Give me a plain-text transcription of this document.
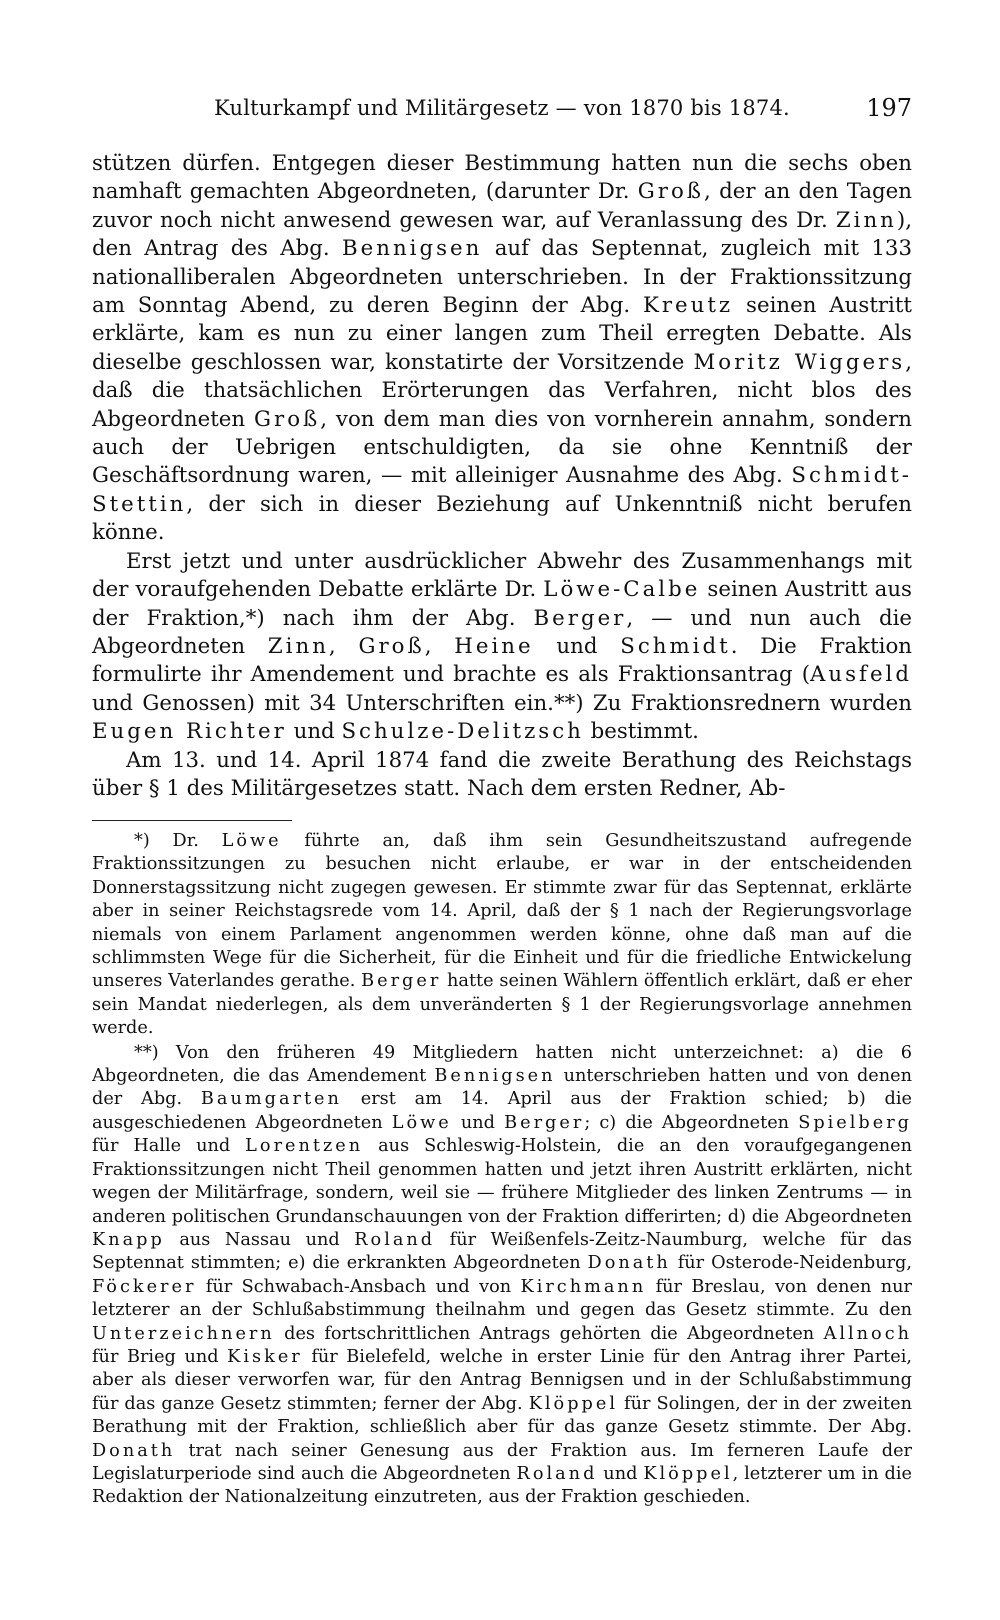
Kulturkampf und Militärgesetz — von 1870 bis 1874.	197

stützen dürfen. Entgegen dieser Bestimmung hatten nun die sechs oben namhaft gemachten Abgeordneten, (darunter Dr. Groß, der an den Tagen zuvor noch nicht anwesend gewesen war, auf Veranlassung des Dr. Zinn), den Antrag des Abg. Bennigsen auf das Septennat, zugleich mit 133 nationalliberalen Abgeordneten unterschrieben. In der Fraktionssitzung am Sonntag Abend, zu deren Beginn der Abg. Kreutz seinen Austritt erklärte, kam es nun zu einer langen zum Theil erregten Debatte. Als dieselbe geschlossen war, konstatirte der Vorsitzende Moritz Wiggers, daß die thatsächlichen Erörterungen das Verfahren, nicht blos des Abgeordneten Groß, von dem man dies von vornherein annahm, sondern auch der Uebrigen entschuldigten, da sie ohne Kenntniß der Geschäftsordnung waren, — mit alleiniger Ausnahme des Abg. Schmidt-Stettin, der sich in dieser Beziehung auf Unkenntniß nicht berufen könne.

Erst jetzt und unter ausdrücklicher Abwehr des Zusammenhangs mit der voraufgehenden Debatte erklärte Dr. Löwe-Calbe seinen Austritt aus der Fraktion,*) nach ihm der Abg. Berger, — und nun auch die Abgeordneten Zinn, Groß, Heine und Schmidt. Die Fraktion formulirte ihr Amendement und brachte es als Fraktionsantrag (Ausfeld und Genossen) mit 34 Unterschriften ein.**) Zu Fraktionsrednern wurden Eugen Richter und Schulze-Delitzsch bestimmt.

Am 13. und 14. April 1874 fand die zweite Berathung des Reichstags über § 1 des Militärgesetzes statt. Nach dem ersten Redner, Ab-

*) Dr. Löwe führte an, daß ihm sein Gesundheitszustand aufregende Fraktionssitzungen zu besuchen nicht erlaube, er war in der entscheidenden Donnerstagssitzung nicht zugegen gewesen. Er stimmte zwar für das Septennat, erklärte aber in seiner Reichstagsrede vom 14. April, daß der § 1 nach der Regierungsvorlage niemals von einem Parlament angenommen werden könne, ohne daß man auf die schlimmsten Wege für die Sicherheit, für die Einheit und für die friedliche Entwickelung unseres Vaterlandes gerathe. Berger hatte seinen Wählern öffentlich erklärt, daß er eher sein Mandat niederlegen, als dem unveränderten § 1 der Regierungsvorlage annehmen werde.

**) Von den früheren 49 Mitgliedern hatten nicht unterzeichnet: a) die 6 Abgeordneten, die das Amendement Bennigsen unterschrieben hatten und von denen der Abg. Baumgarten erst am 14. April aus der Fraktion schied; b) die ausgeschiedenen Abgeordneten Löwe und Berger; c) die Abgeordneten Spielberg für Halle und Lorentzen aus Schleswig-Holstein, die an den voraufgegangenen Fraktionssitzungen nicht Theil genommen hatten und jetzt ihren Austritt erklärten, nicht wegen der Militärfrage, sondern, weil sie — frühere Mitglieder des linken Zentrums — in anderen politischen Grundanschauungen von der Fraktion differirten; d) die Abgeordneten Knapp aus Nassau und Roland für Weißenfels-Zeitz-Naumburg, welche für das Septennat stimmten; e) die erkrankten Abgeordneten Donath für Osterode-Neidenburg, Föckerer für Schwabach-Ansbach und von Kirchmann für Breslau, von denen nur letzterer an der Schlußabstimmung theilnahm und gegen das Gesetz stimmte. Zu den Unterzeichnern des fortschrittlichen Antrags gehörten die Abgeordneten Allnoch für Brieg und Kisker für Bielefeld, welche in erster Linie für den Antrag ihrer Partei, aber als dieser verworfen war, für den Antrag Bennigsen und in der Schlußabstimmung für das ganze Gesetz stimmten; ferner der Abg. Klöppel für Solingen, der in der zweiten Berathung mit der Fraktion, schließlich aber für das ganze Gesetz stimmte. Der Abg. Donath trat nach seiner Genesung aus der Fraktion aus. Im ferneren Laufe der Legislaturperiode sind auch die Abgeordneten Roland und Klöppel, letzterer um in die Redaktion der Nationalzeitung einzutreten, aus der Fraktion geschieden.
